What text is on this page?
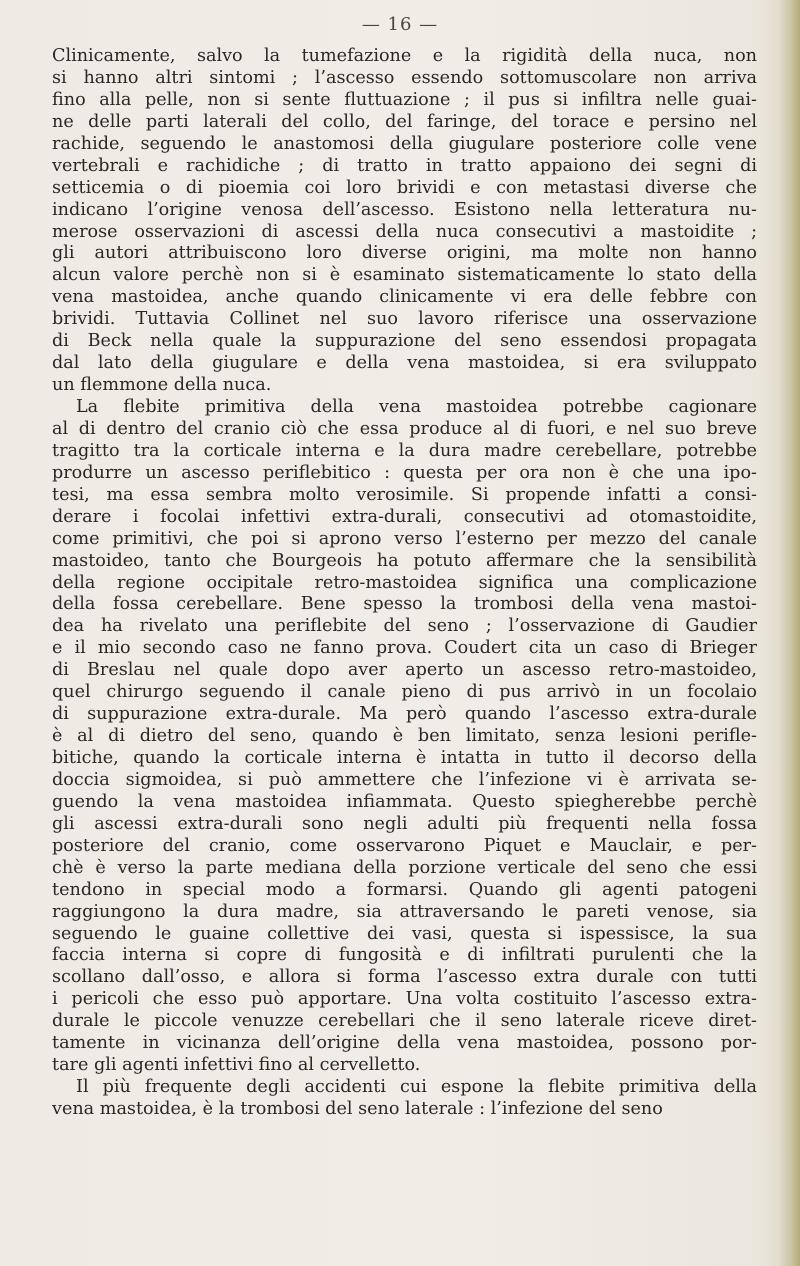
— 16 —
Clinicamente, salvo la tumefazione e la rigidità della nuca, non
si hanno altri sintomi ; l’ascesso essendo sottomuscolare non arriva
fino alla pelle, non si sente fluttuazione ; il pus si infiltra nelle guai-
ne delle parti laterali del collo, del faringe, del torace e persino nel
rachide, seguendo le anastomosi della giugulare posteriore colle vene
vertebrali e rachidiche ; di tratto in tratto appaiono dei segni di
setticemia o di pioemia coi loro brividi e con metastasi diverse che
indicano l’origine venosa dell’ascesso. Esistono nella letteratura nu-
merose osservazioni di ascessi della nuca consecutivi a mastoidite ;
gli autori attribuiscono loro diverse origini, ma molte non hanno
alcun valore perchè non si è esaminato sistematicamente lo stato della
vena mastoidea, anche quando clinicamente vi era delle febbre con
brividi. Tuttavia Collinet nel suo lavoro riferisce una osservazione
di Beck nella quale la suppurazione del seno essendosi propagata
dal lato della giugulare e della vena mastoidea, si era sviluppato
un flemmone della nuca.
La flebite primitiva della vena mastoidea potrebbe cagionare
al di dentro del cranio ciò che essa produce al di fuori, e nel suo breve
tragitto tra la corticale interna e la dura madre cerebellare, potrebbe
produrre un ascesso periflebitico : questa per ora non è che una ipo-
tesi, ma essa sembra molto verosimile. Si propende infatti a consi-
derare i focolai infettivi extra-durali, consecutivi ad otomastoidite,
come primitivi, che poi si aprono verso l’esterno per mezzo del canale
mastoideo, tanto che Bourgeois ha potuto affermare che la sensibilità
della regione occipitale retro-mastoidea significa una complicazione
della fossa cerebellare. Bene spesso la trombosi della vena mastoi-
dea ha rivelato una periflebite del seno ; l’osservazione di Gaudier
e il mio secondo caso ne fanno prova. Coudert cita un caso di Brieger
di Breslau nel quale dopo aver aperto un ascesso retro-mastoideo,
quel chirurgo seguendo il canale pieno di pus arrivò in un focolaio
di suppurazione extra-durale. Ma però quando l’ascesso extra-durale
è al di dietro del seno, quando è ben limitato, senza lesioni perifle-
bitiche, quando la corticale interna è intatta in tutto il decorso della
doccia sigmoidea, si può ammettere che l’infezione vi è arrivata se-
guendo la vena mastoidea infiammata. Questo spiegherebbe perchè
gli ascessi extra-durali sono negli adulti più frequenti nella fossa
posteriore del cranio, come osservarono Piquet e Mauclair, e per-
chè è verso la parte mediana della porzione verticale del seno che essi
tendono in special modo a formarsi. Quando gli agenti patogeni
raggiungono la dura madre, sia attraversando le pareti venose, sia
seguendo le guaine collettive dei vasi, questa si ispessisce, la sua
faccia interna si copre di fungosità e di infiltrati purulenti che la
scollano dall’osso, e allora si forma l’ascesso extra durale con tutti
i pericoli che esso può apportare. Una volta costituito l’ascesso extra-
durale le piccole venuzze cerebellari che il seno laterale riceve diret-
tamente in vicinanza dell’origine della vena mastoidea, possono por-
tare gli agenti infettivi fino al cervelletto.
Il più frequente degli accidenti cui espone la flebite primitiva della
vena mastoidea, è la trombosi del seno laterale : l’infezione del seno
